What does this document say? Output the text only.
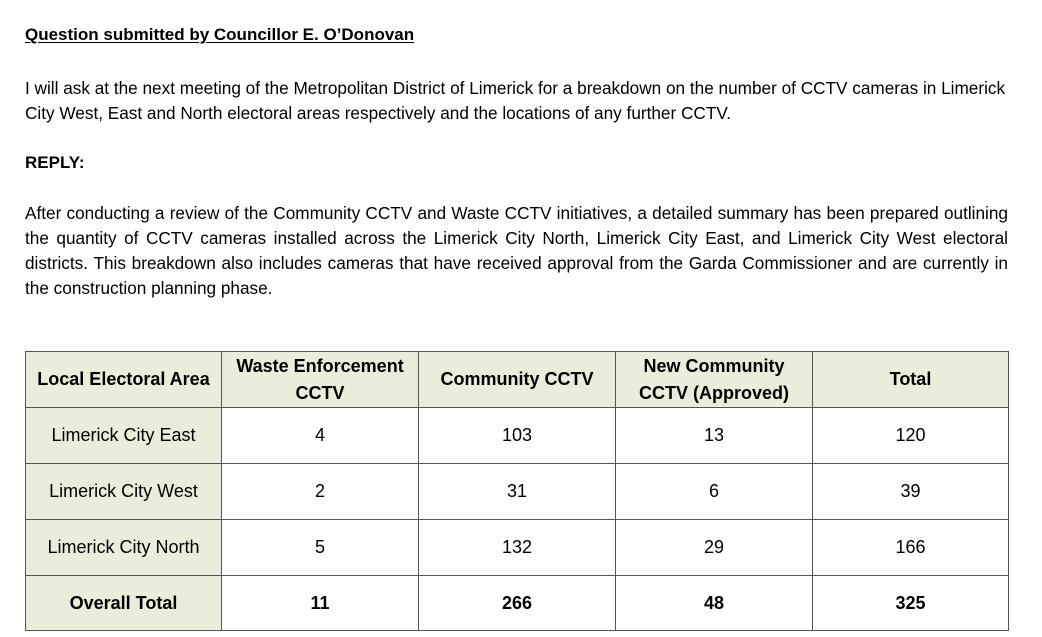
Question submitted by Councillor E. O’Donovan

I will ask at the next meeting of the Metropolitan District of Limerick for a breakdown on the number of CCTV cameras in Limerick City West, East and North electoral areas respectively and the locations of any further CCTV.

REPLY:

After conducting a review of the Community CCTV and Waste CCTV initiatives, a detailed summary has been prepared outlining the quantity of CCTV cameras installed across the Limerick City North, Limerick City East, and Limerick City West electoral districts. This breakdown also includes cameras that have received approval from the Garda Commissioner and are currently in the construction planning phase.

Local Electoral Area	Waste Enforcement CCTV	Community CCTV	New Community CCTV (Approved)	Total
Limerick City East	4	103	13	120
Limerick City West	2	31	6	39
Limerick City North	5	132	29	166
Overall Total	11	266	48	325
